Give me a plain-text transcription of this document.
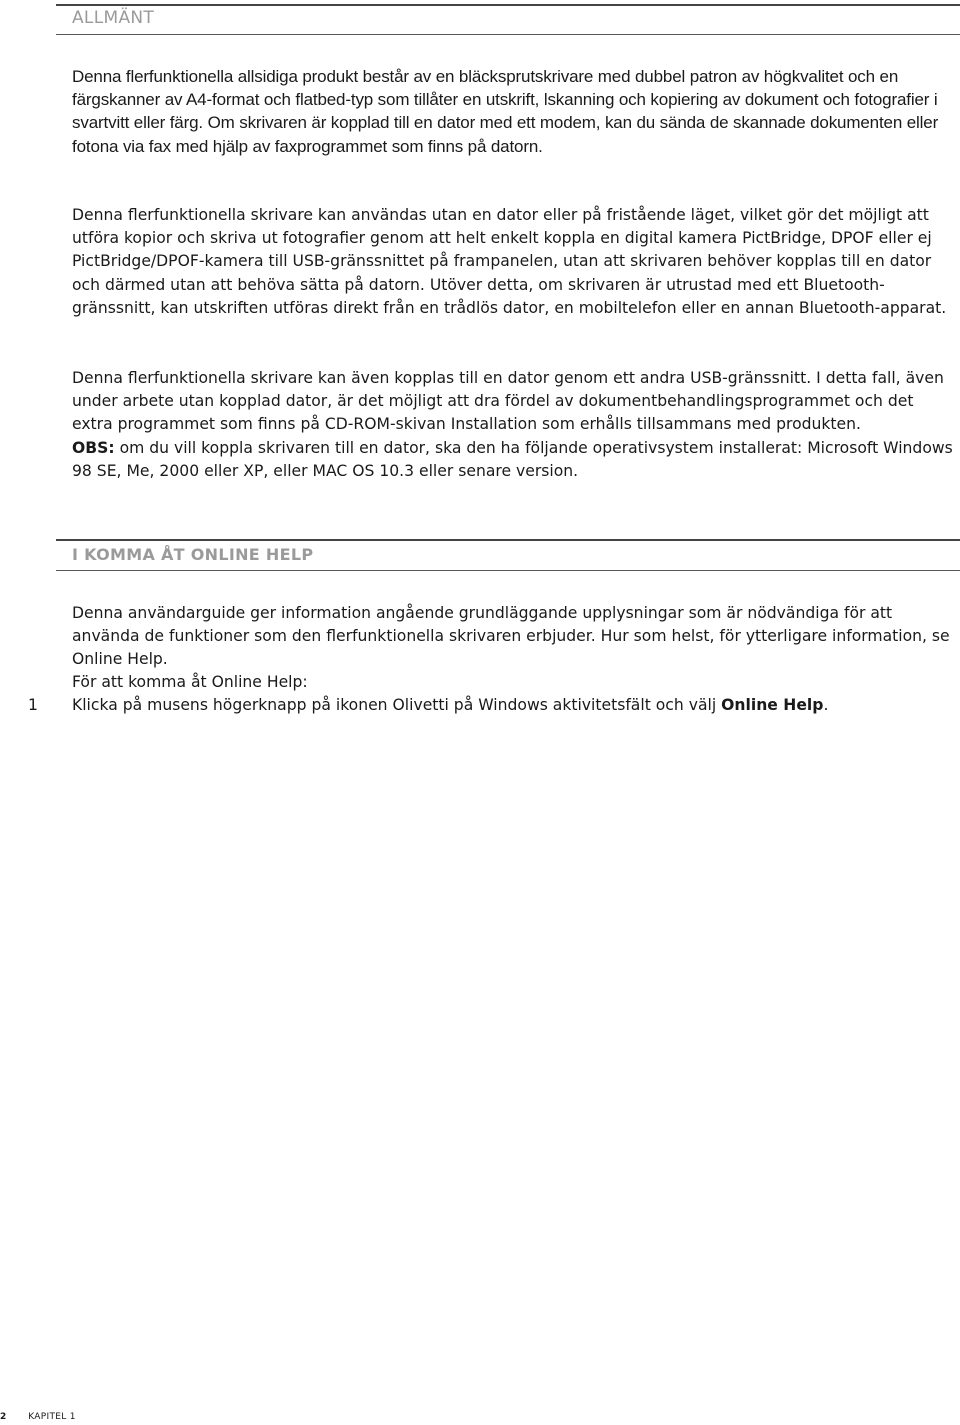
ALLMÄNT

Denna flerfunktionella allsidiga produkt består av en bläcksprutskrivare med dubbel patron av högkvalitet och en färgskanner av A4-format och flatbed-typ som tillåter en utskrift, lskanning och kopiering av dokument och fotografier i svartvitt eller färg. Om skrivaren är kopplad till en dator med ett modem, kan du sända de skannade dokumenten eller fotona via fax med hjälp av faxprogrammet som finns på datorn.

Denna flerfunktionella skrivare kan användas utan en dator eller på fristående läget, vilket gör det möjligt att utföra kopior och skriva ut fotografier genom att helt enkelt koppla en digital kamera PictBridge, DPOF eller ej PictBridge/DPOF-kamera till USB-gränssnittet på frampanelen, utan att skrivaren behöver kopplas till en dator och därmed utan att behöva sätta på datorn. Utöver detta, om skrivaren är utrustad med ett Bluetooth-gränssnitt, kan utskriften utföras direkt från en trådlös dator, en mobiltelefon eller en annan Bluetooth-apparat.

Denna flerfunktionella skrivare kan även kopplas till en dator genom ett andra USB-gränssnitt. I detta fall, även under arbete utan kopplad dator, är det möjligt att dra fördel av dokumentbehandlingsprogrammet och det extra programmet som finns på CD-ROM-skivan Installation som erhålls tillsammans med produkten.
OBS: om du vill koppla skrivaren till en dator, ska den ha följande operativsystem installerat: Microsoft Windows 98 SE, Me, 2000 eller XP, eller MAC OS 10.3 eller senare version.

I KOMMA ÅT ONLINE HELP

Denna användarguide ger information angående grundläggande upplysningar som är nödvändiga för att använda de funktioner som den flerfunktionella skrivaren erbjuder. Hur som helst, för ytterligare information, se Online Help.

För att komma åt Online Help:

1 Klicka på musens högerknapp på ikonen Olivetti på Windows aktivitetsfält och välj Online Help.
2 KAPITEL 1
